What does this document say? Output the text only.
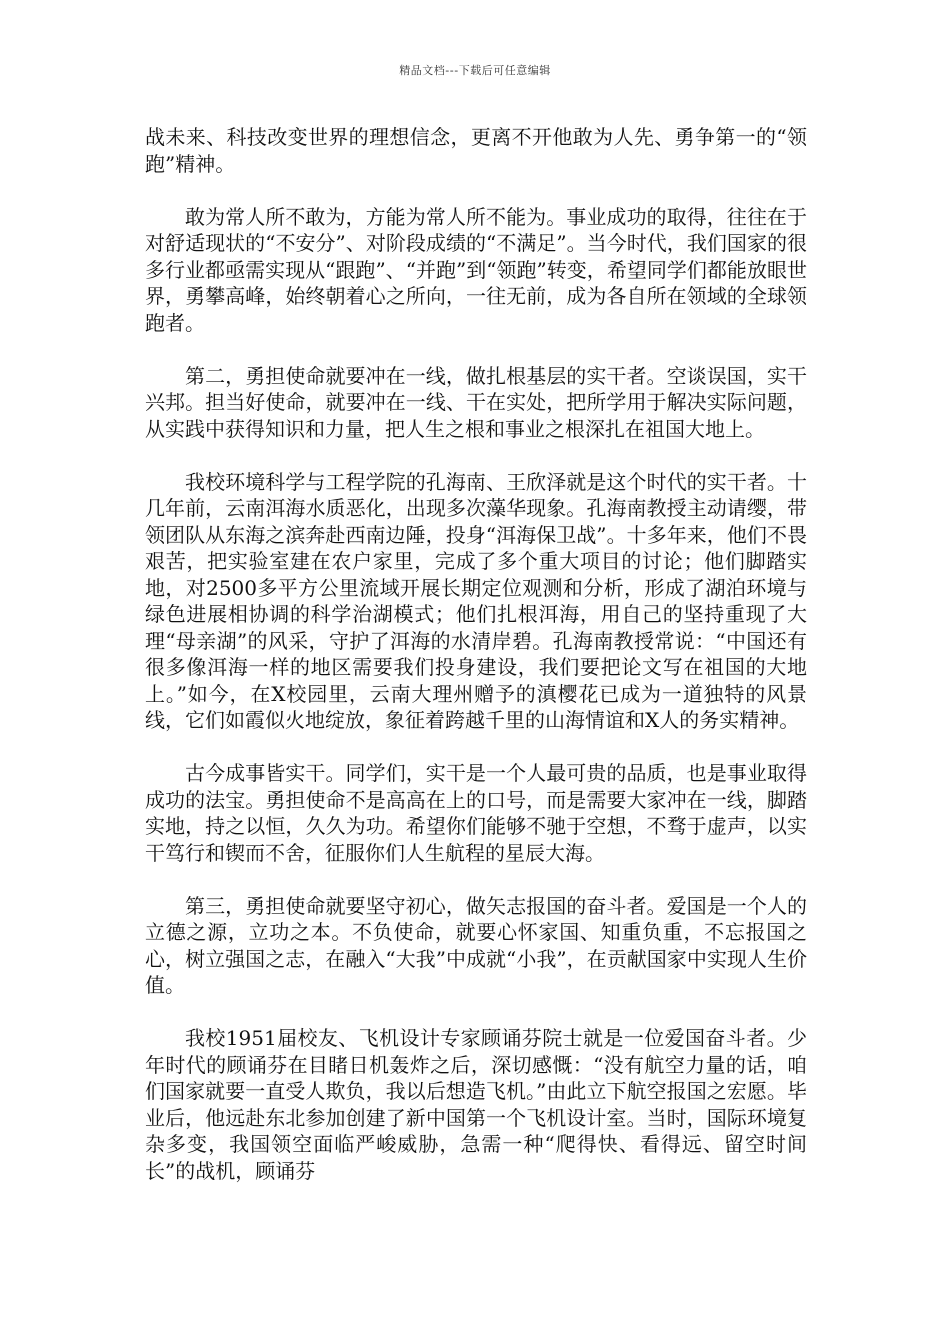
精品文档---下载后可任意编辑

战未来、科技改变世界的理想信念，更离不开他敢为人先、勇争第一的“领跑”精神。

敢为常人所不敢为，方能为常人所不能为。事业成功的取得，往往在于对舒适现状的“不安分”、对阶段成绩的“不满足”。当今时代，我们国家的很多行业都亟需实现从“跟跑”、“并跑”到“领跑”转变，希望同学们都能放眼世界，勇攀高峰，始终朝着心之所向，一往无前，成为各自所在领域的全球领跑者。

第二，勇担使命就要冲在一线，做扎根基层的实干者。空谈误国，实干兴邦。担当好使命，就要冲在一线、干在实处，把所学用于解决实际问题，从实践中获得知识和力量，把人生之根和事业之根深扎在祖国大地上。

我校环境科学与工程学院的孔海南、王欣泽就是这个时代的实干者。十几年前，云南洱海水质恶化，出现多次藻华现象。孔海南教授主动请缨，带领团队从东海之滨奔赴西南边陲，投身“洱海保卫战”。十多年来，他们不畏艰苦，把实验室建在农户家里，完成了多个重大项目的讨论；他们脚踏实地，对2500多平方公里流域开展长期定位观测和分析，形成了湖泊环境与绿色进展相协调的科学治湖模式；他们扎根洱海，用自己的坚持重现了大理“母亲湖”的风采，守护了洱海的水清岸碧。孔海南教授常说：“中国还有很多像洱海一样的地区需要我们投身建设，我们要把论文写在祖国的大地上。”如今，在X校园里，云南大理州赠予的滇樱花已成为一道独特的风景线，它们如霞似火地绽放，象征着跨越千里的山海情谊和X人的务实精神。

古今成事皆实干。同学们，实干是一个人最可贵的品质，也是事业取得成功的法宝。勇担使命不是高高在上的口号，而是需要大家冲在一线，脚踏实地，持之以恒，久久为功。希望你们能够不驰于空想，不骛于虚声，以实干笃行和锲而不舍，征服你们人生航程的星辰大海。

第三，勇担使命就要坚守初心，做矢志报国的奋斗者。爱国是一个人的立德之源，立功之本。不负使命，就要心怀家国、知重负重，不忘报国之心，树立强国之志，在融入“大我”中成就“小我”，在贡献国家中实现人生价值。

我校1951届校友、飞机设计专家顾诵芬院士就是一位爱国奋斗者。少年时代的顾诵芬在目睹日机轰炸之后，深切感慨：“没有航空力量的话，咱们国家就要一直受人欺负，我以后想造飞机。”由此立下航空报国之宏愿。毕业后，他远赴东北参加创建了新中国第一个飞机设计室。当时，国际环境复杂多变，我国领空面临严峻威胁，急需一种“爬得快、看得远、留空时间长”的战机，顾诵芬
